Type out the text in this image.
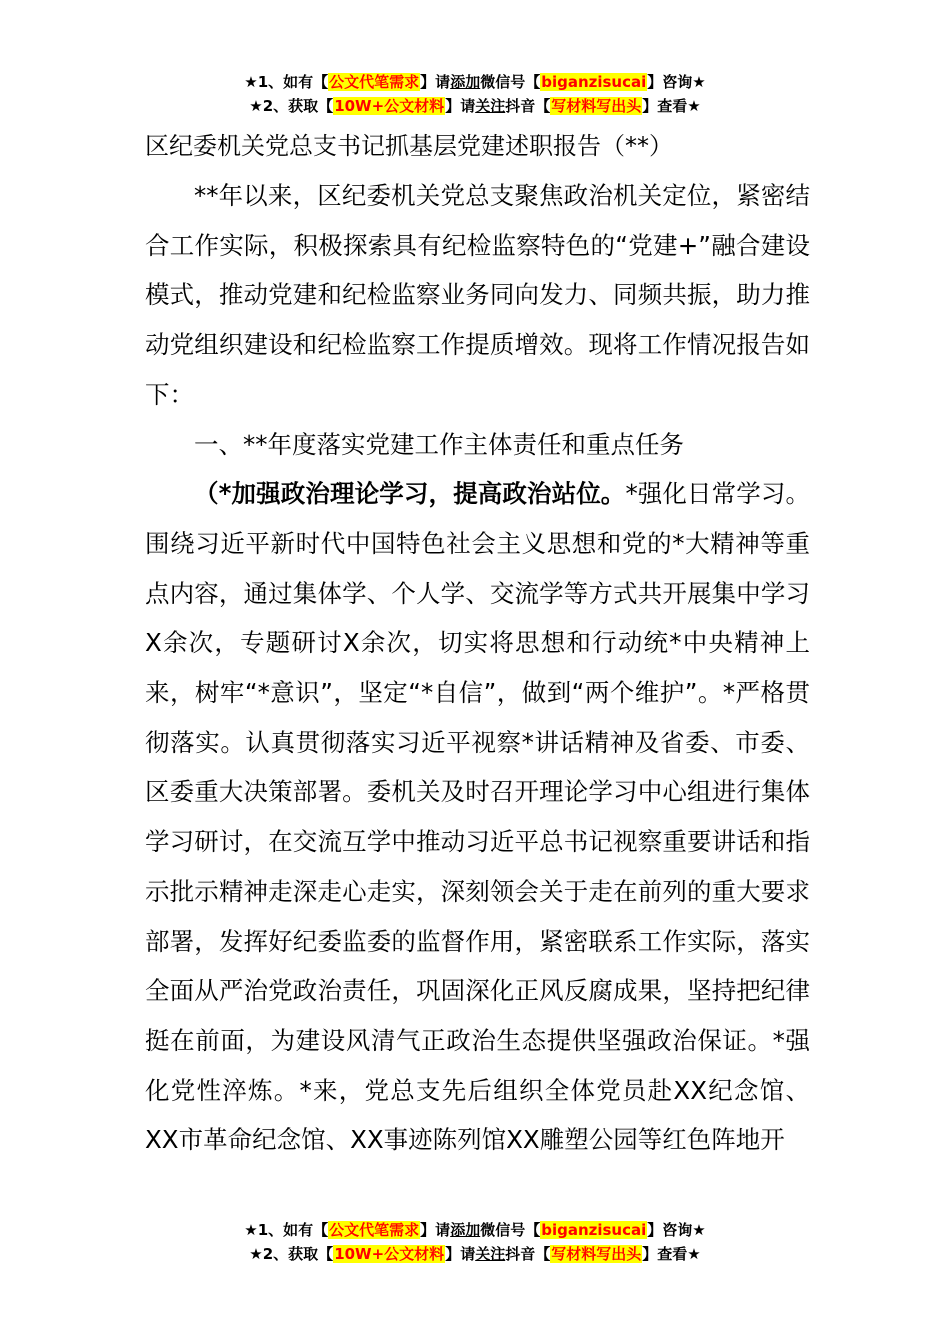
★1、如有【公文代笔需求】请添加微信号【biganzisucai】咨询★
★2、获取【10W+公文材料】请关注抖音【写材料写出头】查看★
区纪委机关党总支书记抓基层党建述职报告（**）

**年以来，区纪委机关党总支聚焦政治机关定位，紧密结合工作实际，积极探索具有纪检监察特色的“党建+”融合建设模式，推动党建和纪检监察业务同向发力、同频共振，助力推动党组织建设和纪检监察工作提质增效。现将工作情况报告如下：

一、**年度落实党建工作主体责任和重点任务

（*加强政治理论学习，提高政治站位。*强化日常学习。围绕习近平新时代中国特色社会主义思想和党的*大精神等重点内容，通过集体学、个人学、交流学等方式共开展集中学习X余次，专题研讨X余次，切实将思想和行动统*中央精神上来，树牢“*意识”，坚定“*自信”，做到“两个维护”。*严格贯彻落实。认真贯彻落实习近平视察*讲话精神及省委、市委、区委重大决策部署。委机关及时召开理论学习中心组进行集体学习研讨，在交流互学中推动习近平总书记视察重要讲话和指示批示精神走深走心走实，深刻领会关于走在前列的重大要求部署，发挥好纪委监委的监督作用，紧密联系工作实际，落实全面从严治党政治责任，巩固深化正风反腐成果，坚持把纪律挺在前面，为建设风清气正政治生态提供坚强政治保证。*强化党性淬炼。*来，党总支先后组织全体党员赴XX纪念馆、XX市革命纪念馆、XX事迹陈列馆XX雕塑公园等红色阵地开

★1、如有【公文代笔需求】请添加微信号【biganzisucai】咨询★
★2、获取【10W+公文材料】请关注抖音【写材料写出头】查看★
